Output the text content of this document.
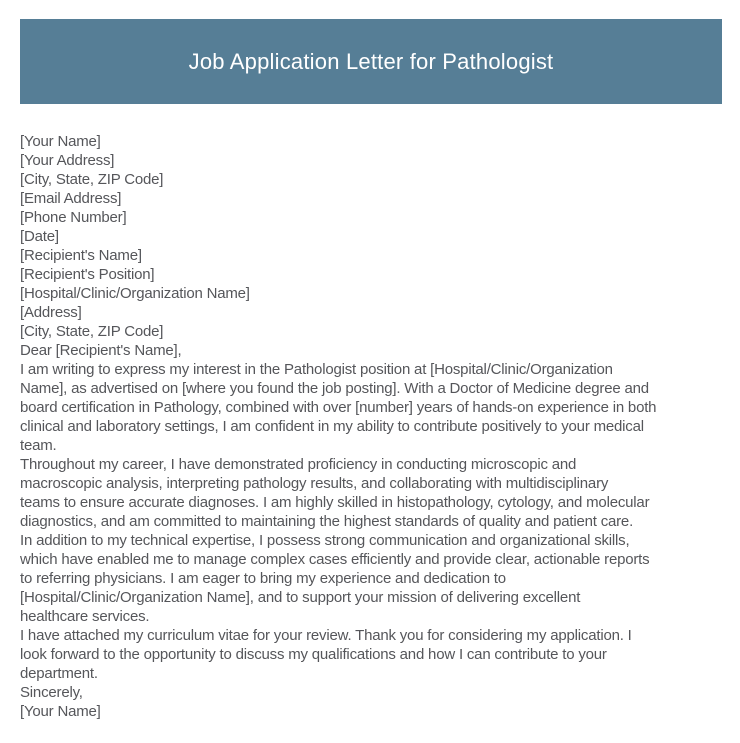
Job Application Letter for Pathologist
[Your Name]
[Your Address]
[City, State, ZIP Code]
[Email Address]
[Phone Number]
[Date]
[Recipient's Name]
[Recipient's Position]
[Hospital/Clinic/Organization Name]
[Address]
[City, State, ZIP Code]
Dear [Recipient's Name],
I am writing to express my interest in the Pathologist position at [Hospital/Clinic/Organization
Name], as advertised on [where you found the job posting]. With a Doctor of Medicine degree and
board certification in Pathology, combined with over [number] years of hands-on experience in both
clinical and laboratory settings, I am confident in my ability to contribute positively to your medical
team.
Throughout my career, I have demonstrated proficiency in conducting microscopic and
macroscopic analysis, interpreting pathology results, and collaborating with multidisciplinary
teams to ensure accurate diagnoses. I am highly skilled in histopathology, cytology, and molecular
diagnostics, and am committed to maintaining the highest standards of quality and patient care.
In addition to my technical expertise, I possess strong communication and organizational skills,
which have enabled me to manage complex cases efficiently and provide clear, actionable reports
to referring physicians. I am eager to bring my experience and dedication to
[Hospital/Clinic/Organization Name], and to support your mission of delivering excellent
healthcare services.
I have attached my curriculum vitae for your review. Thank you for considering my application. I
look forward to the opportunity to discuss my qualifications and how I can contribute to your
department.
Sincerely,
[Your Name]
